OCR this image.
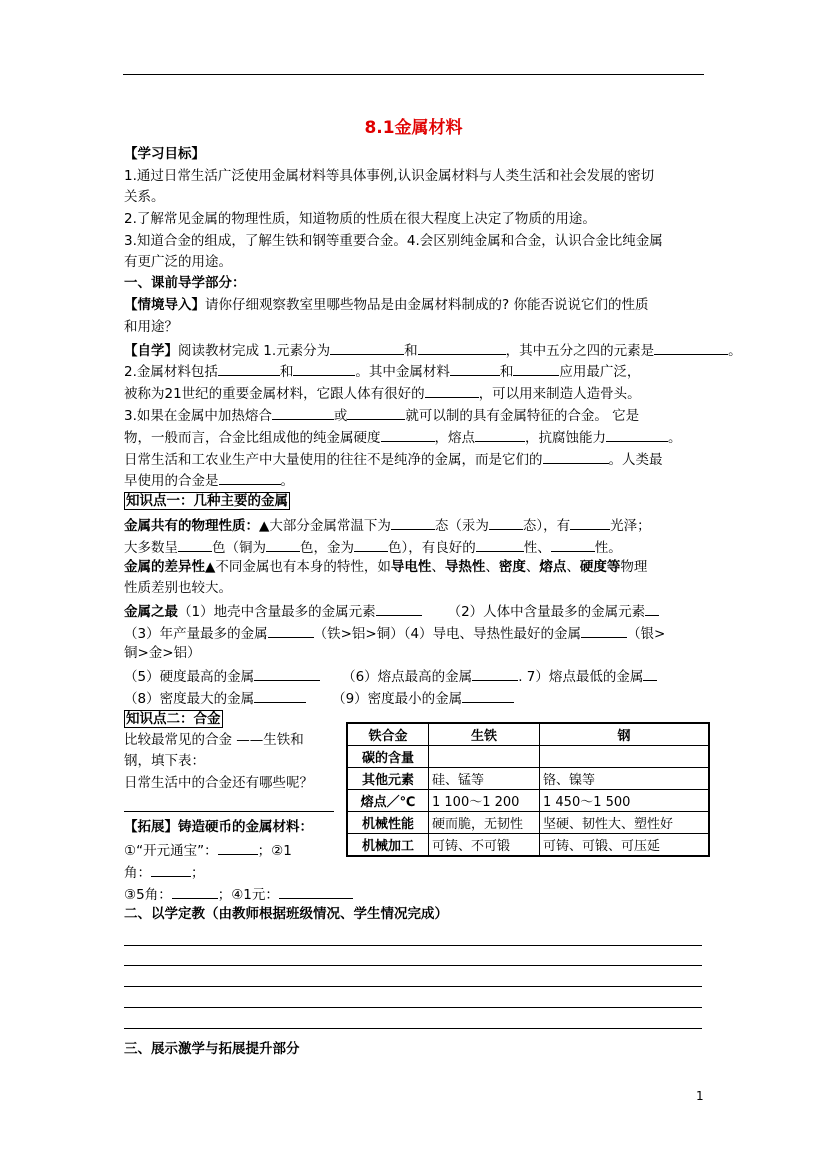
8.1金属材料
【学习目标】
1.通过日常生活广泛使用金属材料等具体事例,认识金属材料与人类生活和社会发展的密切
关系。
2.了解常见金属的物理性质，知道物质的性质在很大程度上决定了物质的用途。
3.知道合金的组成，了解生铁和钢等重要合金。4.会区别纯金属和合金，认识合金比纯金属
有更广泛的用途。
一、课前导学部分：
【情境导入】请你仔细观察教室里哪些物品是由金属材料制成的? 你能否说说它们的性质
和用途？
【自学】阅读教材完成 1.元素分为	和	，其中五分之四的元素是	。
2.金属材料包括	和	。其中金属材料	和	应用最广泛，
被称为21世纪的重要金属材料，它跟人体有很好的	，可以用来制造人造骨头。
3.如果在金属中加热熔合	或	就可以制的具有金属特征的合金。 它是
物，一般而言，合金比组成他的纯金属硬度	，熔点	，抗腐蚀能力	。
日常生活和工农业生产中大量使用的往往不是纯净的金属，而是它们的	。人类最
早使用的合金是	。
知识点一：几种主要的金属
金属共有的物理性质：▲大部分金属常温下为	态（汞为	态），有	光泽；
大多数呈	色（铜为	色，金为	色），有良好的	性、	性。
金属的差异性▲不同金属也有本身的特性，如导电性、导热性、密度、熔点、硬度等物理
性质差别也较大。
金属之最（1）地壳中含量最多的金属元素	（2）人体中含量最多的金属元素
（3）年产量最多的金属	（铁>铝>铜）（4）导电、导热性最好的金属	（银>
铜>金>铝）
（5）硬度最高的金属	（6）熔点最高的金属	. 7）熔点最低的金属
（8）密度最大的金属	（9）密度最小的金属
知识点二：合金
比较最常见的合金 ——生铁和
钢，填下表：
日常生活中的合金还有哪些呢？
铁合金	生铁	钢
碳的含量		
其他元素	硅、锰等	铬、镍等
熔点／℃	1 100～1 200	1 450～1 500
机械性能	硬而脆，无韧性	坚硬、韧性大、塑性好
机械加工	可铸、不可锻	可铸、可锻、可压延
【拓展】铸造硬币的金属材料：
①“开元通宝”：	；②1
角：	；
③5角：	；④1元：
二、以学定教（由教师根据班级情况、学生情况完成）
三、展示激学与拓展提升部分
1
